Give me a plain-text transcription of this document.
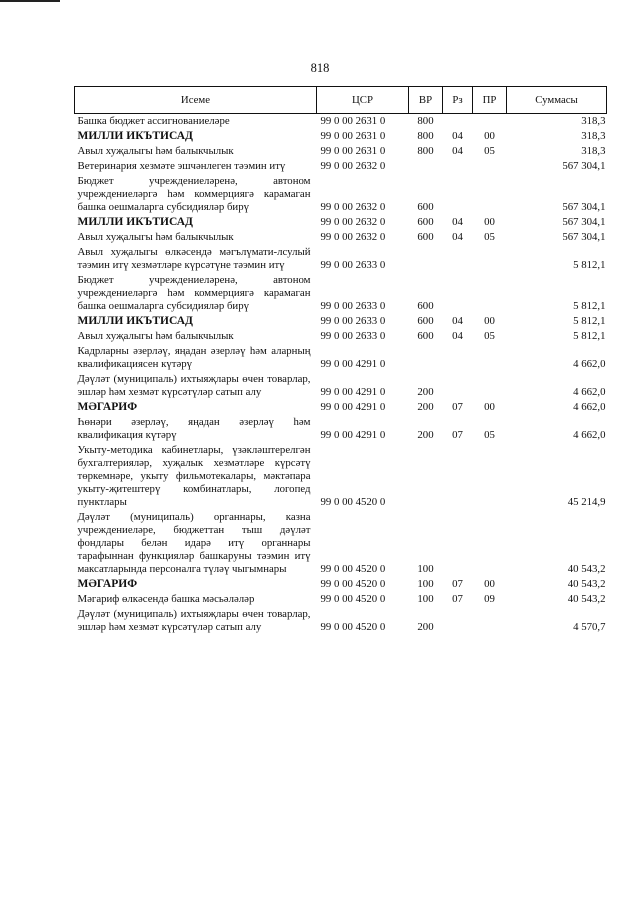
818
Исеме	ЦСР	ВР	Рз	ПР	Суммасы
Башка бюджет ассигнованиеләре	99 0 00 2631 0	800			318,3
МИЛЛИ ИКЪТИСАД	99 0 00 2631 0	800	04	00	318,3
Авыл хуҗалыгы һәм балыкчылык	99 0 00 2631 0	800	04	05	318,3
Ветеринария хезмәте эшчәнлеген тәэмин итү	99 0 00 2632 0				567 304,1
Бюджет учреждениеләренә, автоном учреждениеләргә һәм коммерциягә карамаган башка оешмаларга субсидияләр бирү	99 0 00 2632 0	600			567 304,1
МИЛЛИ ИКЪТИСАД	99 0 00 2632 0	600	04	00	567 304,1
Авыл хуҗалыгы һәм балыкчылык	99 0 00 2632 0	600	04	05	567 304,1
Авыл хуҗалыгы өлкәсендә мәгълүмати-лсулый тәэмин итү хезмәтләре күрсәтүне тәэмин итү	99 0 00 2633 0				5 812,1
Бюджет учреждениеләренә, автоном учреждениеләргә һәм коммерциягә карамаган башка оешмаларга субсидияләр бирү	99 0 00 2633 0	600			5 812,1
МИЛЛИ ИКЪТИСАД	99 0 00 2633 0	600	04	00	5 812,1
Авыл хуҗалыгы һәм балыкчылык	99 0 00 2633 0	600	04	05	5 812,1
Кадрларны әзерләү, яңадан әзерләү һәм аларның квалификациясен күтәрү	99 0 00 4291 0				4 662,0
Дәүләт (муниципаль) ихтыяҗлары өчен товарлар, эшләр һәм хезмәт күрсәтүләр сатып алу	99 0 00 4291 0	200			4 662,0
МӘГАРИФ	99 0 00 4291 0	200	07	00	4 662,0
Һөнәри әзерләү, яңадан әзерләү һәм квалификация күтәрү	99 0 00 4291 0	200	07	05	4 662,0
Укыту-методика кабинетлары, үзәкләштерелгән бухгалтерияләр, хуҗалык хезмәтләре күрсәтү төркемнәре, укыту фильмотекалары, мәктәпара укыту-җитештерү комбинатлары, логопед пунктлары	99 0 00 4520 0				45 214,9
Дәүләт (муниципаль) органнары, казна учреждениеләре, бюджеттан тыш дәүләт фондлары белән идарә итү органнары тарафыннан функцияләр башкаруны тәэмин итү максатларында персоналга түләү чыгымнары	99 0 00 4520 0	100			40 543,2
МӘГАРИФ	99 0 00 4520 0	100	07	00	40 543,2
Мәгариф өлкәсендә башка мәсьәләләр	99 0 00 4520 0	100	07	09	40 543,2
Дәүләт (муниципаль) ихтыяҗлары өчен товарлар, эшләр һәм хезмәт күрсәтүләр сатып алу	99 0 00 4520 0	200			4 570,7
